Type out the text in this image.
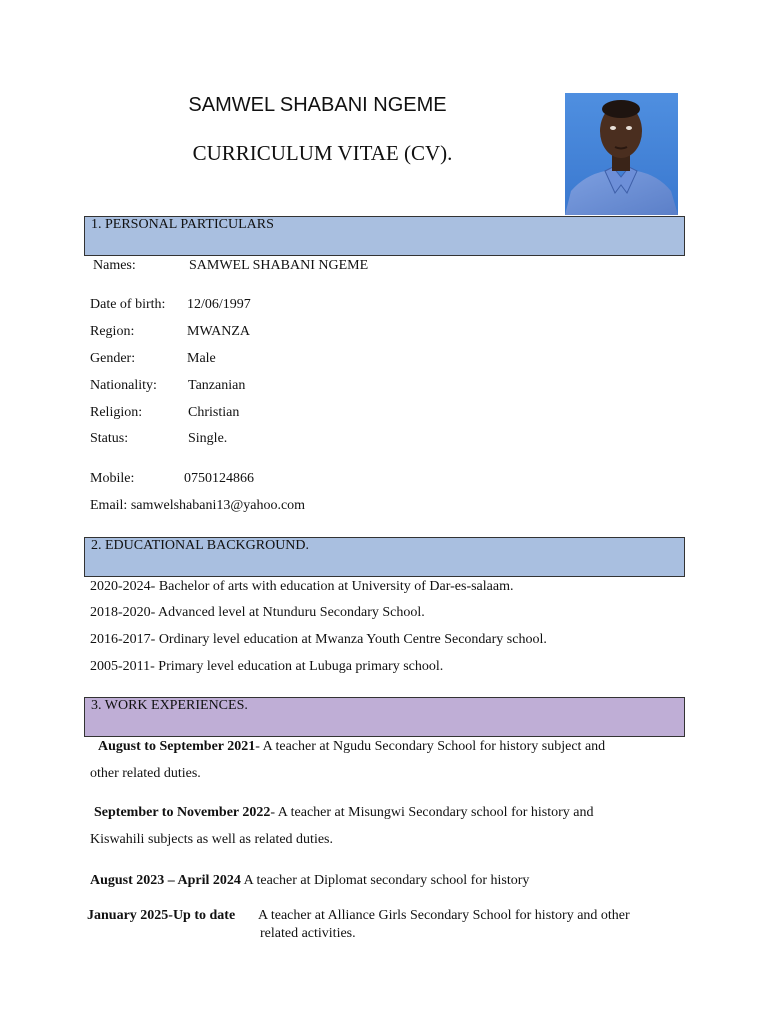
SAMWEL SHABANI NGEME
CURRICULUM VITAE (CV).
1. PERSONAL PARTICULARS
Names:	SAMWEL SHABANI NGEME
Date of birth: 12/06/1997
Region:	MWANZA
Gender:	Male
Nationality: Tanzanian
Religion:	Christian
Status:	Single.
Mobile:	0750124866
Email: samwelshabani13@yahoo.com
2. EDUCATIONAL BACKGROUND.
2020-2024- Bachelor of arts with education at University of Dar-es-salaam.
2018-2020- Advanced level at Ntunduru Secondary School.
2016-2017- Ordinary level education at Mwanza Youth Centre Secondary school.
2005-2011- Primary level education at Lubuga primary school.
3. WORK EXPERIENCES.
August to September 2021- A teacher at Ngudu Secondary School for history subject and
other related duties.
September to November 2022- A teacher at Misungwi Secondary school for history and
Kiswahili subjects as well as related duties.
August 2023 – April 2024 A teacher at Diplomat secondary school for history
January 2025-Up to date A teacher at Alliance Girls Secondary School for history and other
related activities.
